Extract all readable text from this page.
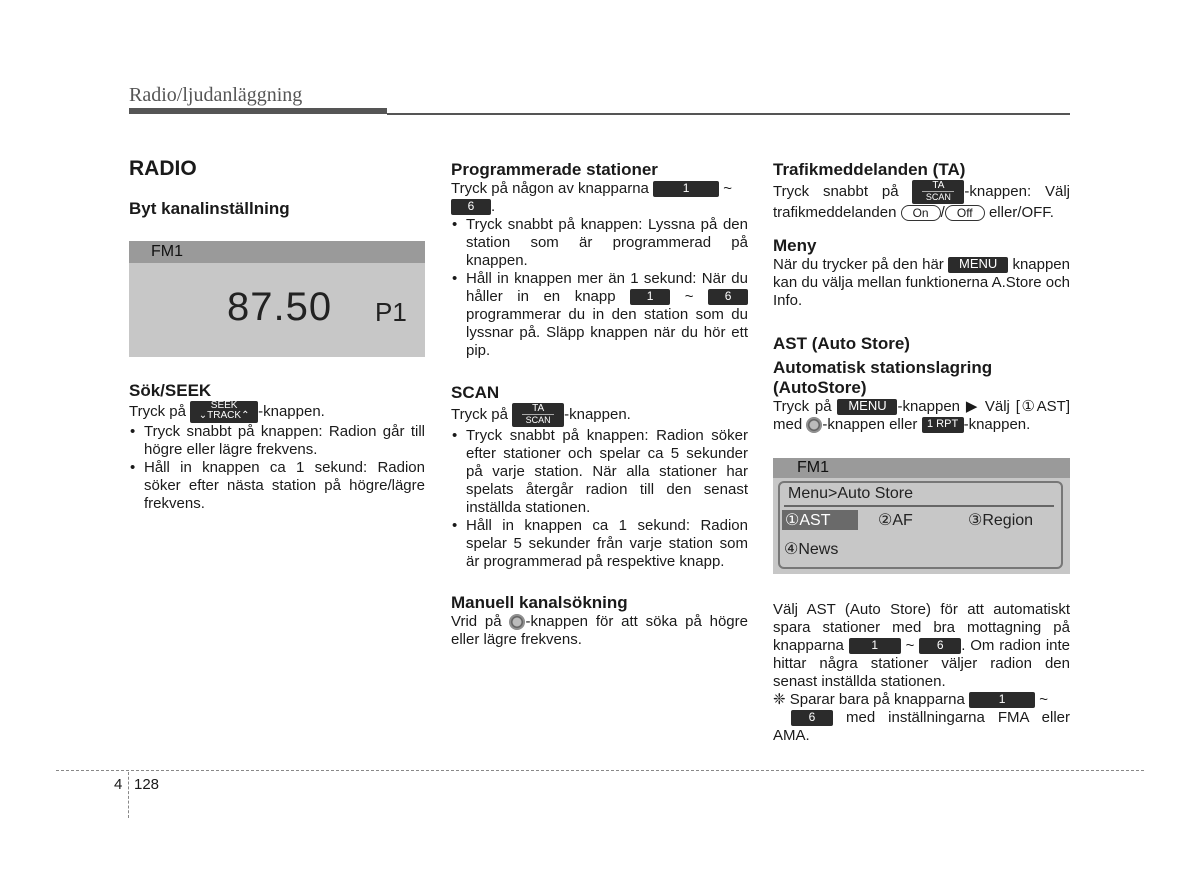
Radio/ljudanläggning
RADIO
Byt kanalinställning
FM1
87.50 P1
Sök/SEEK

Tryck på	SEEK
⌄TRACK⌃ -knappen.

• Tryck snabbt på knappen: Radion går till högre eller lägre frekvens.
• Håll in knappen ca 1 sekund: Radion söker efter nästa station på högre/lägre frekvens.
Programmerade stationer

Tryck på någon av knapparna	1 ~
6 .

• Tryck snabbt på knappen: Lyssna på den station som är programmerad på knappen.
• Håll in knappen mer än 1 sekund: När du håller in en knapp	1 ~	6 programmerar du in den station som du lyssnar på. Släpp knappen när du hör ett pip.
SCAN

Tryck på	TA
SCAN -knappen.

• Tryck snabbt på knappen: Radion söker efter stationer och spelar ca 5 sekunder på varje station. När alla stationer har spelats återgår radion till den senast inställda stationen.
• Håll in knappen ca 1 sekund: Radion spelar 5 sekunder från varje station som är programmerad på respektive knapp.
Manuell kanalsökning

Vrid på -knappen för att söka på högre eller lägre frekvens.

Trafikmeddelanden (TA)

Tryck snabbt på	TA
SCAN -knappen: Välj trafikmeddelanden On / Off eller/OFF.

Meny

När du trycker på den här MENU knappen kan du välja mellan funktionerna A.Store och Info.

AST (Auto Store)
Automatisk stationslagring (AutoStore)

Tryck på MENU -knappen ▶ Välj [①AST] med -knappen eller 1 RPT -knappen.

FM1
Menu>Auto Store
①AST	②AF	③Region
④News

Välj AST (Auto Store) för att automatiskt spara stationer med bra mottagning på knapparna 1 ~ 6 . Om radion inte hittar några stationer väljer radion den senast inställda stationen.

❈ Sparar bara på knapparna	1 ~
6 med inställningarna FMA eller AMA.

4 128
